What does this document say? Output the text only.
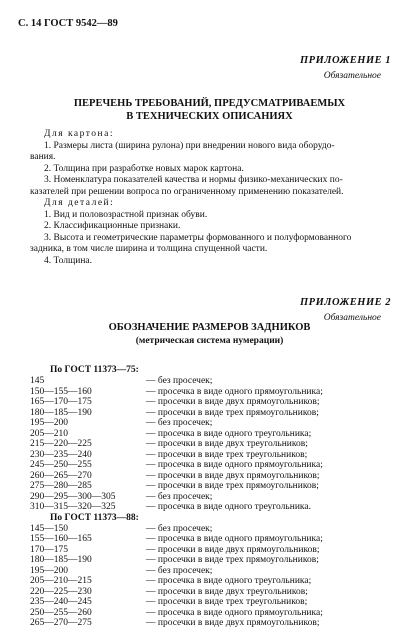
С. 14 ГОСТ 9542—89
ПРИЛОЖЕНИЕ 1
Обязательное
ПЕРЕЧЕНЬ ТРЕБОВАНИЙ, ПРЕДУСМАТРИВАЕМЫХ
В ТЕХНИЧЕСКИХ ОПИСАНИЯХ
Для картона:
1. Размеры листа (ширина рулона) при внедрении нового вида оборудо-
вания.
2. Толщина при разработке новых марок картона.
3. Номенклатура показателей качества и нормы физико-механических по-
казателей при решении вопроса по ограниченному применению показателей.
Для деталей:
1. Вид и половозрастной признак обуви.
2. Классификационные признаки.
3. Высота и геометрические параметры формованного и полуформованного
задника, в том числе ширина и толщина спущенной части.
4. Толщина.
ПРИЛОЖЕНИЕ 2
Обязательное
ОБОЗНАЧЕНИЕ РАЗМЕРОВ ЗАДНИКОВ
(метрическая система нумерации)
По ГОСТ 11373—75:
145	— без просечек;
150—155—160	— просечка в виде одного прямоугольника;
165—170—175	— просечки в виде двух прямоугольников;
180—185—190	— просечки в виде трех прямоугольников;
195—200	— без просечек;
205—210	— просечка в виде одного треугольника;
215—220—225	— просечки в виде двух треугольников;
230—235—240	— просечки в виде трех треугольников;
245—250—255	— просечка в виде одного прямоугольника;
260—265—270	— просечки в виде двух прямоугольников;
275—280—285	— просечки в виде трех прямоугольников;
290—295—300—305	— без просечек;
310—315—320—325	— просечка в виде одного треугольника.
По ГОСТ 11373—88:
145—150	— без просечек;
155—160—165	— просечка в виде одного прямоугольника;
170—175	— просечки в виде двух прямоугольников;
180—185—190	— просечки в виде трех прямоугольников;
195—200	— без просечек;
205—210—215	— просечка в виде одного треугольника;
220—225—230	— просечки в виде двух треугольников;
235—240—245	— просечки в виде трех треугольников;
250—255—260	— просечка в виде одного прямоугольника;
265—270—275	— просечки в виде двух прямоугольников;
